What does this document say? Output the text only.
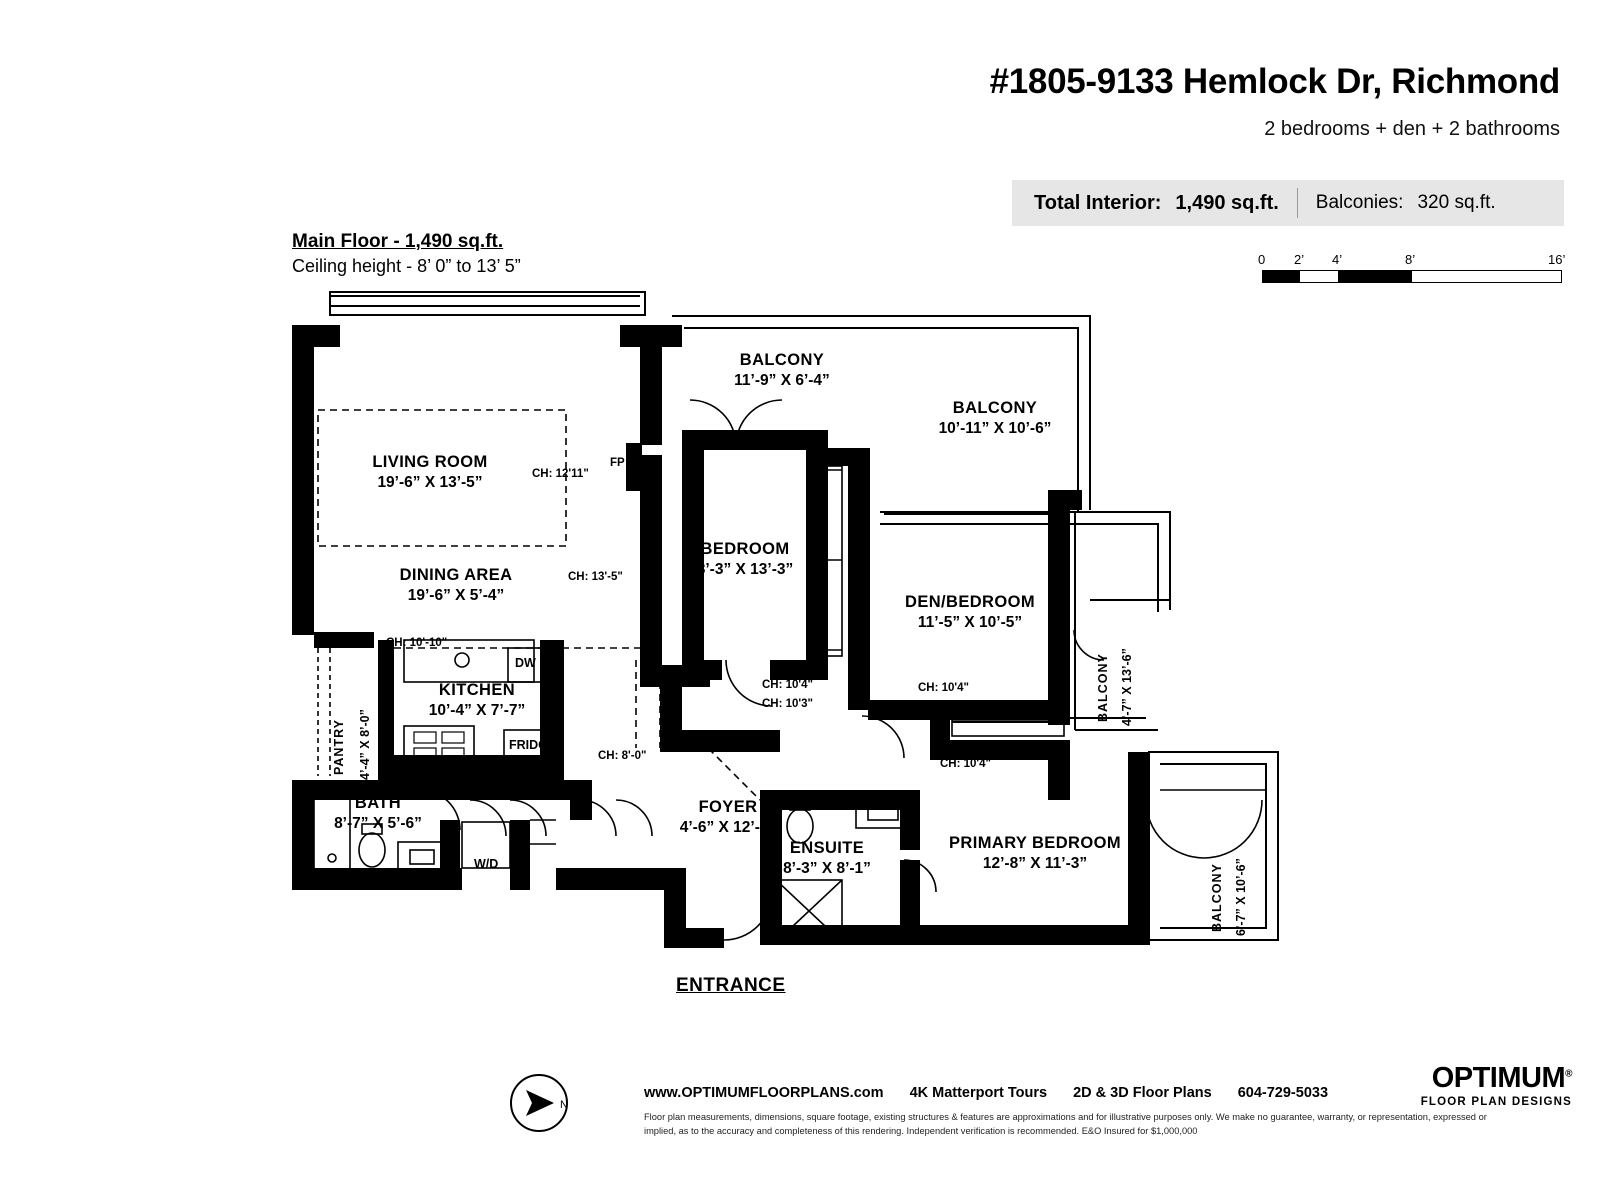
#1805-9133 Hemlock Dr, Richmond
2 bedrooms + den + 2 bathrooms
Total Interior: 1,490 sq.ft. Balconies: 320 sq.ft.
0 2’ 4’	8’	16’
Main Floor - 1,490 sq.ft.
Ceiling height - 8’ 0” to 13’ 5”
LIVING ROOM
19’-6” X 13’-5”	CH: 12'11"
DINING AREA
19’-6” X 5’-4”
CH: 13'-5"
KITCHEN
10’-4” X 7’-7”
CH: 10'-10"
CH: 8'-0"
PANTRY 4’-4” X 8’-0”
BATH
8’-7” X 5’-6”
FOYER
4’-6” X 12’-5”
BEDROOM
8’-3” X 13’-3”
CH: 10'4"
CH: 10'3"
DEN/BEDROOM
11’-5” X 10’-5”
CH: 10'4"
CH: 10'4"
ENSUITE
8’-3” X 8’-1”
PRIMARY BEDROOM
12’-8” X 11’-3”
BALCONY
11’-9” X 6’-4”
BALCONY
10’-11” X 10’-6”
BALCONY 4’-7” X 13’-6”
BALCONY 6’-7” X 10’-6”
FP
DW
FRIDGE
W/D
ENTRANCE
N
www.OPTIMUMFLOORPLANS.com 4K Matterport Tours 2D & 3D Floor Plans 604-729-5033
Floor plan measurements, dimensions, square footage, existing structures & features are approximations and for illustrative purposes only. We make no guarantee, warranty, or representation, expressed or implied, as to the accuracy and completeness of this rendering. Independent verification is recommended. E&O Insured for $1,000,000
OPTIMUM®
FLOOR PLAN DESIGNS
